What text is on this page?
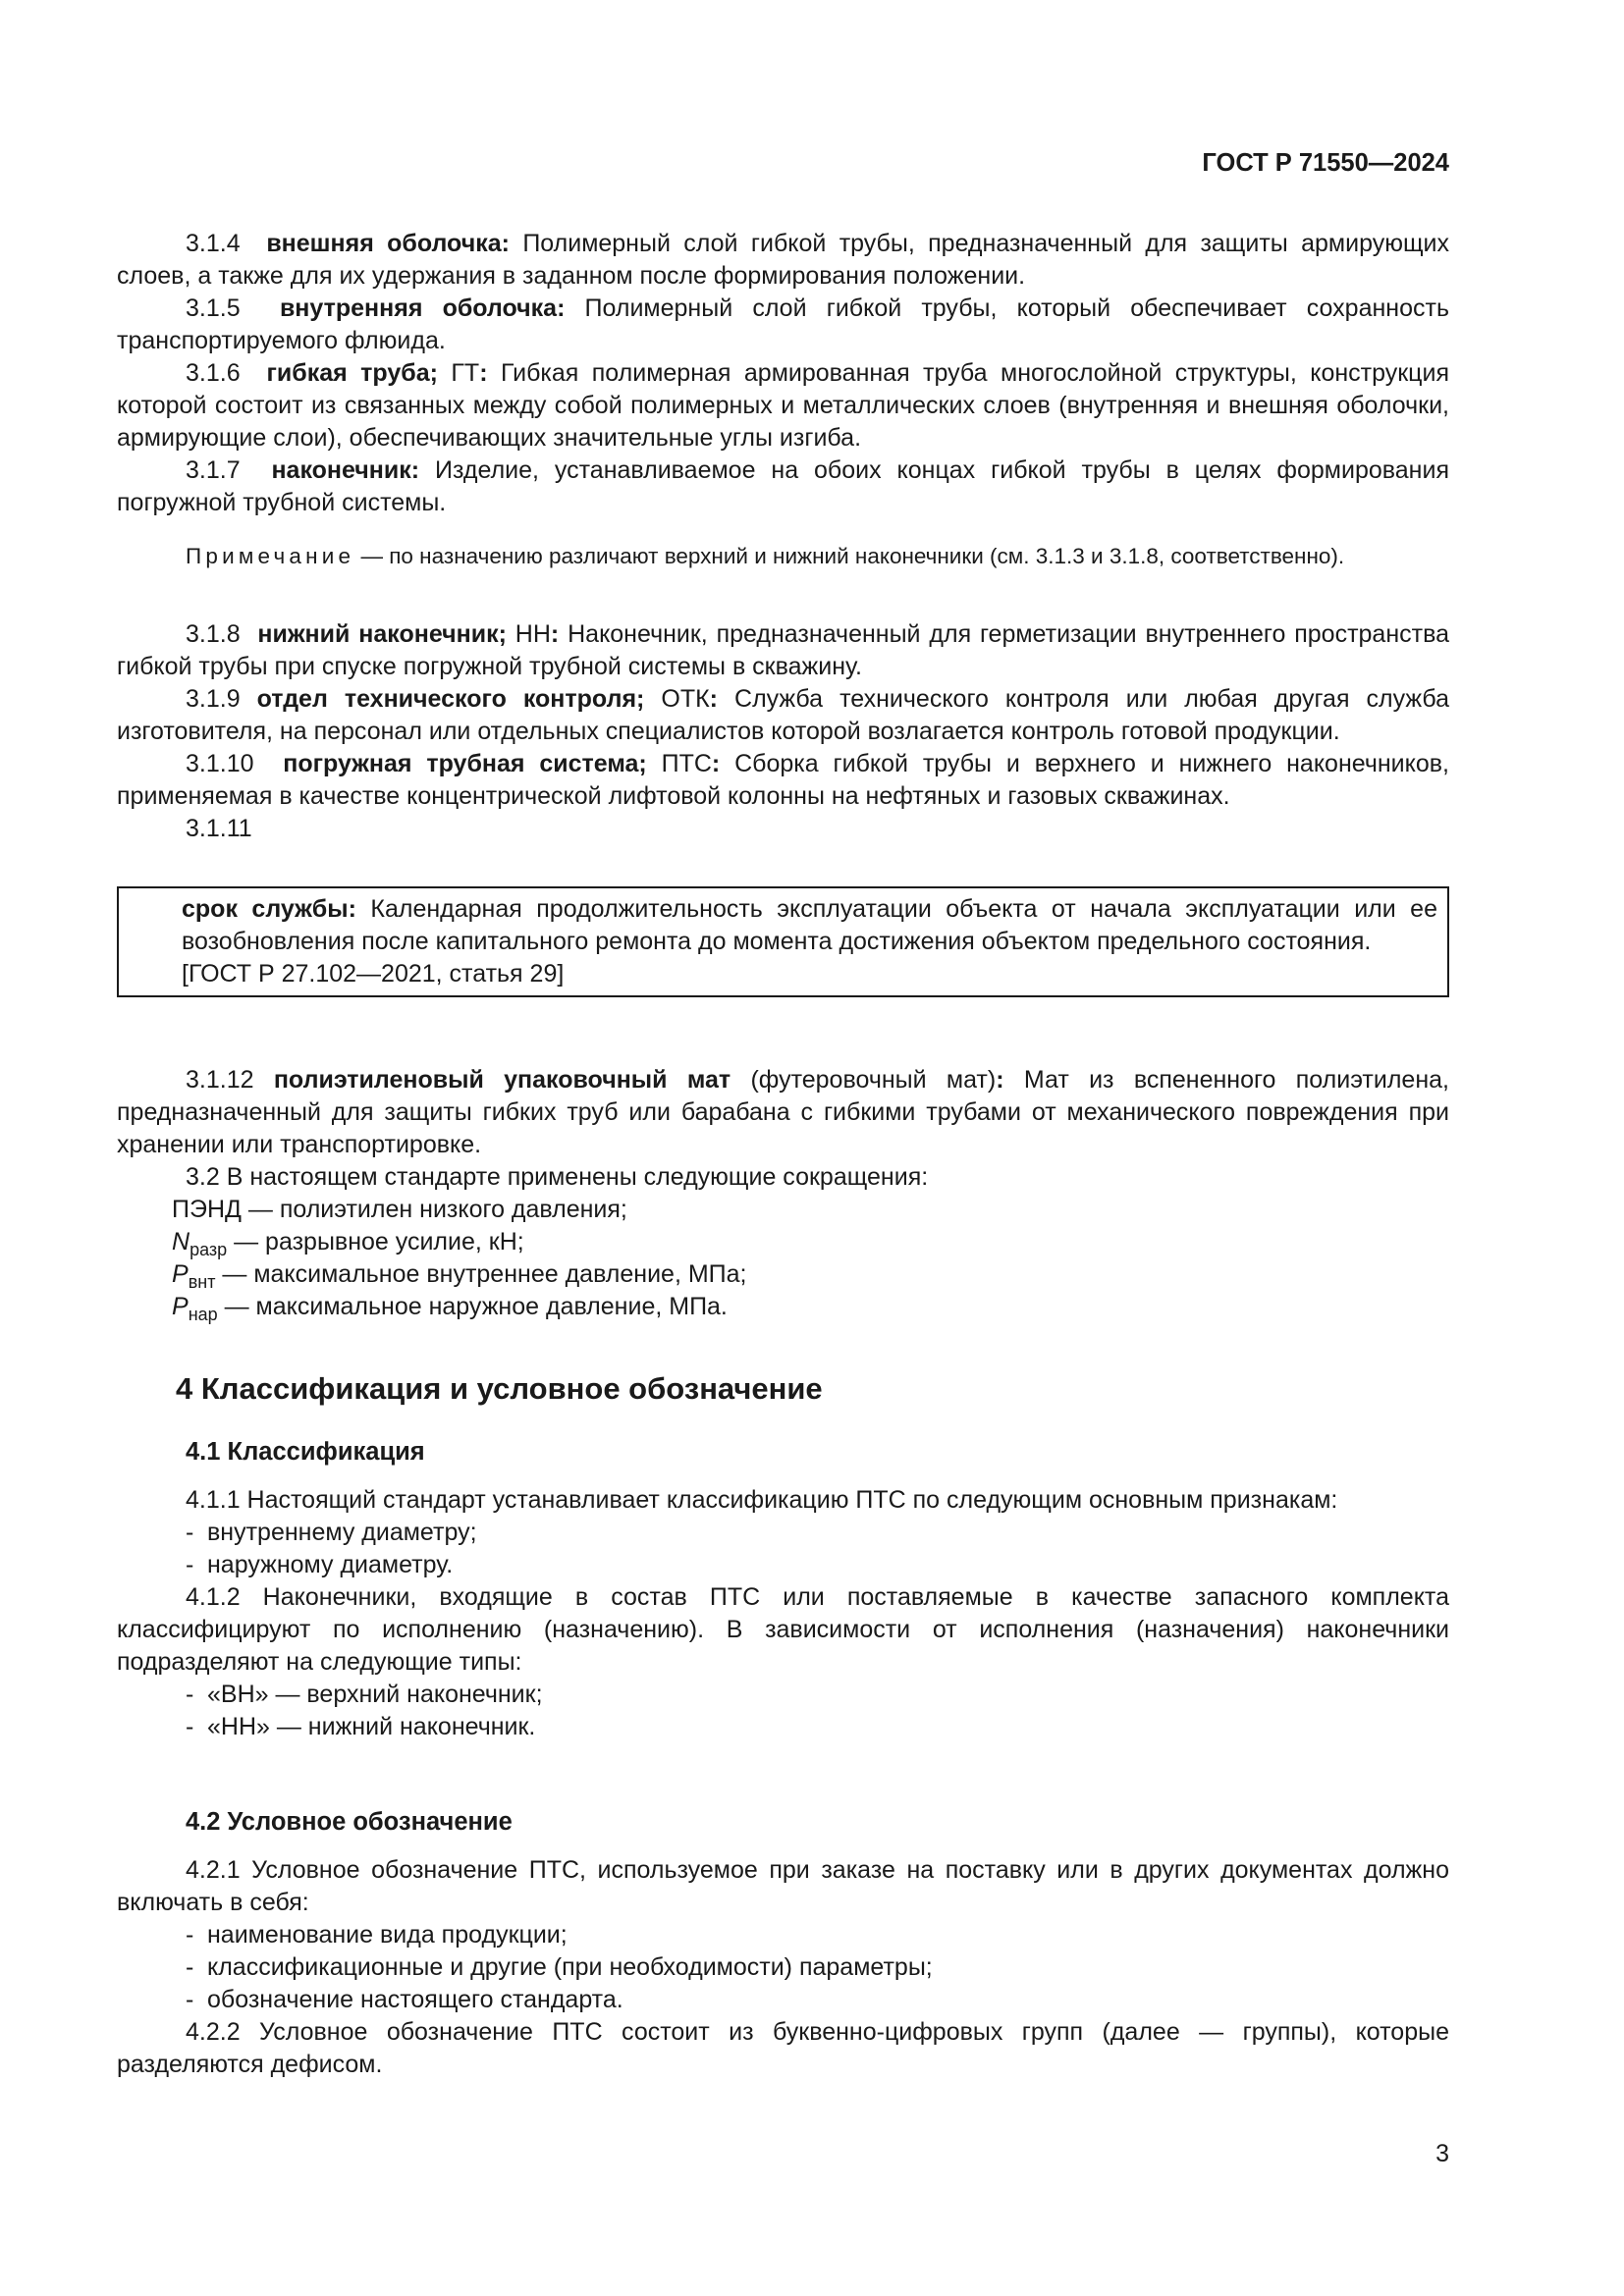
ГОСТ Р 71550—2024

3.1.4 внешняя оболочка: Полимерный слой гибкой трубы, предназначенный для защиты армирующих слоев, а также для их удержания в заданном после формирования положении.

3.1.5 внутренняя оболочка: Полимерный слой гибкой трубы, который обеспечивает сохранность транспортируемого флюида.

3.1.6 гибкая труба; ГТ: Гибкая полимерная армированная труба многослойной структуры, конструкция которой состоит из связанных между собой полимерных и металлических слоев (внутренняя и внешняя оболочки, армирующие слои), обеспечивающих значительные углы изгиба.

3.1.7 наконечник: Изделие, устанавливаемое на обоих концах гибкой трубы в целях формирования погружной трубной системы.

Примечание — по назначению различают верхний и нижний наконечники (см. 3.1.3 и 3.1.8, соответственно).

3.1.8 нижний наконечник; НН: Наконечник, предназначенный для герметизации внутреннего пространства гибкой трубы при спуске погружной трубной системы в скважину.

3.1.9 отдел технического контроля; ОТК: Служба технического контроля или любая другая служба изготовителя, на персонал или отдельных специалистов которой возлагается контроль готовой продукции.

3.1.10 погружная трубная система; ПТС: Сборка гибкой трубы и верхнего и нижнего наконечников, применяемая в качестве концентрической лифтовой колонны на нефтяных и газовых скважинах.

3.1.11

срок службы: Календарная продолжительность эксплуатации объекта от начала эксплуатации или ее возобновления после капитального ремонта до момента достижения объектом предельного состояния.

[ГОСТ Р 27.102—2021, статья 29]

3.1.12 полиэтиленовый упаковочный мат (футеровочный мат): Мат из вспененного полиэтилена, предназначенный для защиты гибких труб или барабана с гибкими трубами от механического повреждения при хранении или транспортировке.

3.2 В настоящем стандарте применены следующие сокращения:

ПЭНД — полиэтилен низкого давления;

$N_{разр}$ — разрывное усилие, кН;

$P_{внт}$ — максимальное внутреннее давление, МПа;

$P_{нар}$ — максимальное наружное давление, МПа.

4 Классификация и условное обозначение

4.1 Классификация

4.1.1 Настоящий стандарт устанавливает классификацию ПТС по следующим основным признакам:

- внутреннему диаметру;

- наружному диаметру.

4.1.2 Наконечники, входящие в состав ПТС или поставляемые в качестве запасного комплекта классифицируют по исполнению (назначению). В зависимости от исполнения (назначения) наконечники подразделяют на следующие типы:

- «ВН» — верхний наконечник;

- «НН» — нижний наконечник.

4.2 Условное обозначение

4.2.1 Условное обозначение ПТС, используемое при заказе на поставку или в других документах должно включать в себя:

- наименование вида продукции;

- классификационные и другие (при необходимости) параметры;

- обозначение настоящего стандарта.

4.2.2 Условное обозначение ПТС состоит из буквенно-цифровых групп (далее — группы), которые разделяются дефисом.

3
